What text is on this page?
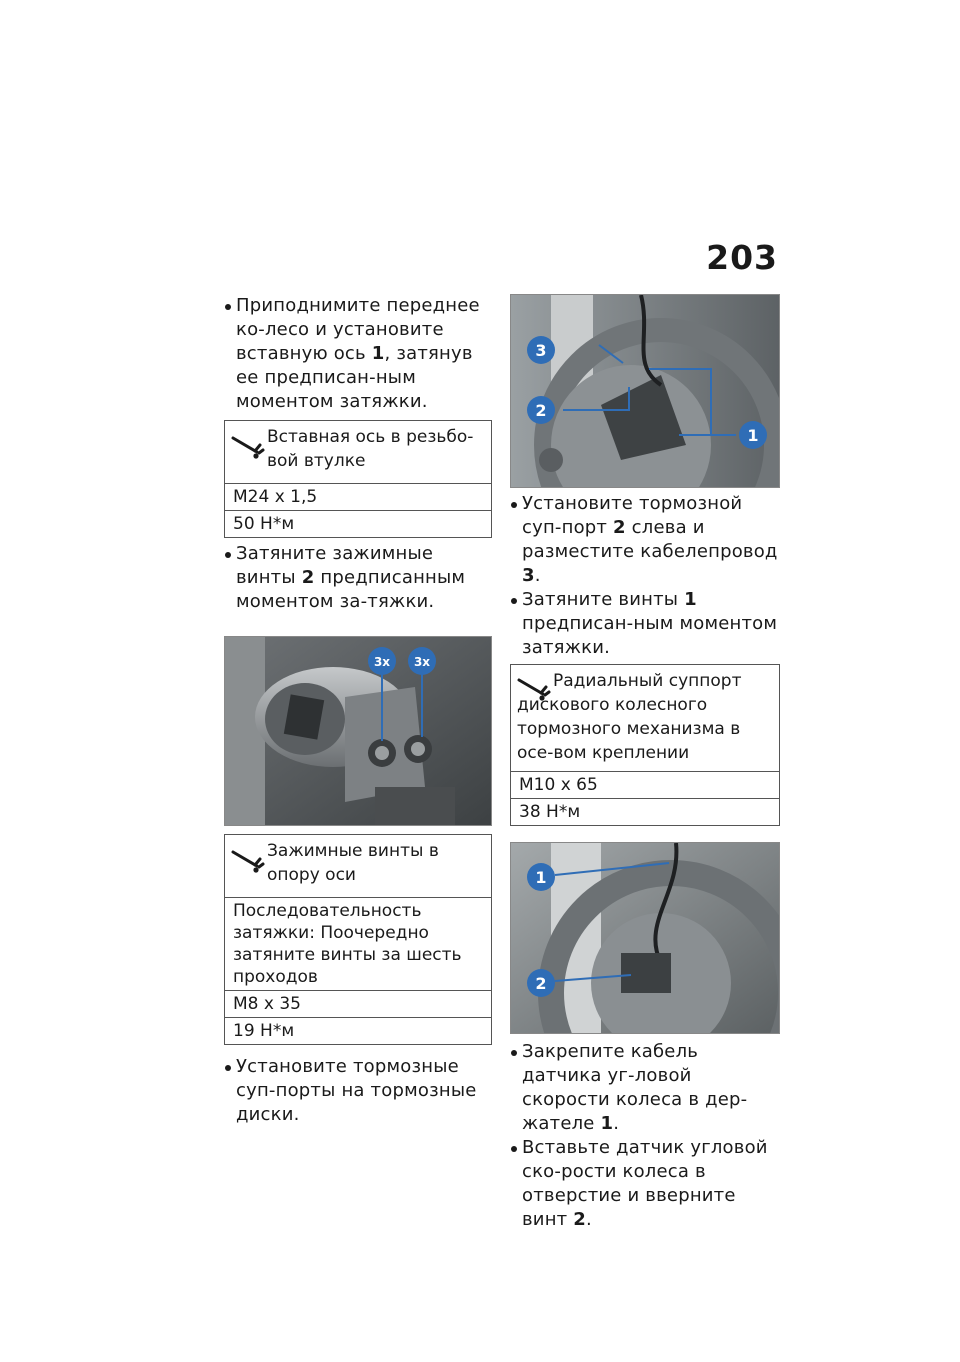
203
Приподнимите переднее ко-лесо и установите вставную ось 1, затянув ее предписан-ным моментом затяжки.
Вставная ось в резьбо-вой втулке
M24 x 1,5
50 Н*м
Затяните зажимные винты 2 предписанным моментом за-тяжки.
3x 3x
Зажимные винты в опору оси
Последовательность затяжки: Поочередно затяните винты за шесть проходов
M8 x 35
19 Н*м
Установите тормозные суп-порты на тормозные диски.
3
2
1
Установите тормозной суп-порт 2 слева и разместите кабелепровод 3.
Затяните винты 1 предписан-ным моментом затяжки.
Радиальный суппорт дискового колесного тормозного механизма в осе-вом креплении
M10 x 65
38 Н*м
1
2
Закрепите кабель датчика уг-ловой скорости колеса в дер-жателе 1.
Вставьте датчик угловой ско-рости колеса в отверстие и вверните винт 2.
